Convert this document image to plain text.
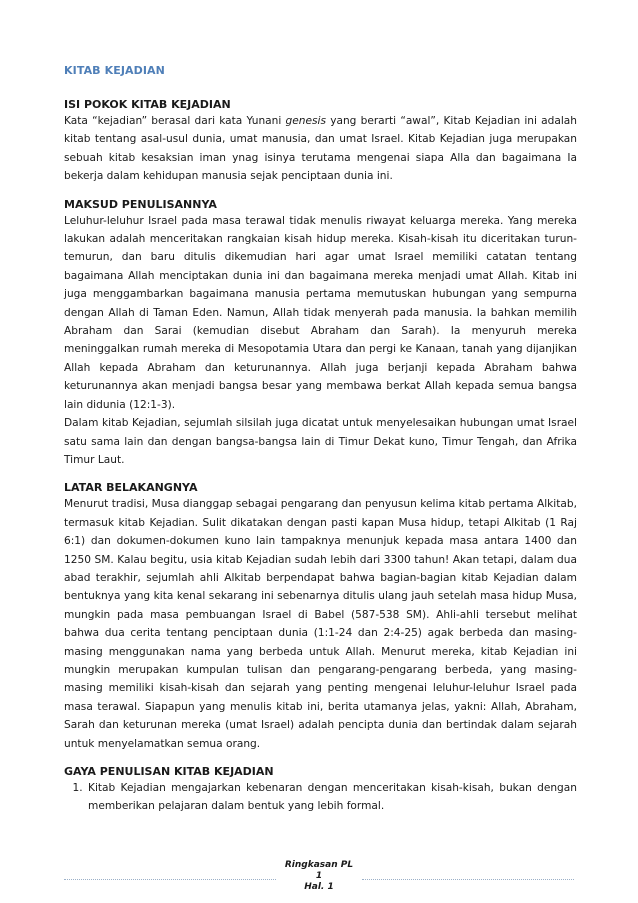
KITAB KEJADIAN
ISI POKOK KITAB KEJADIAN

Kata “kejadian” berasal dari kata Yunani genesis yang berarti “awal”, Kitab Kejadian ini adalah kitab tentang asal-usul dunia, umat manusia, dan umat Israel. Kitab Kejadian juga merupakan sebuah kitab kesaksian iman ynag isinya terutama mengenai siapa Alla dan bagaimana Ia bekerja dalam kehidupan manusia sejak penciptaan dunia ini.

MAKSUD PENULISANNYA

Leluhur-leluhur Israel pada masa terawal tidak menulis riwayat keluarga mereka. Yang mereka lakukan adalah menceritakan rangkaian kisah hidup mereka. Kisah-kisah itu diceritakan turun-temurun, dan baru ditulis dikemudian hari agar umat Israel memiliki catatan tentang bagaimana Allah menciptakan dunia ini dan bagaimana mereka menjadi umat Allah. Kitab ini juga menggambarkan bagaimana manusia pertama memutuskan hubungan yang sempurna dengan Allah di Taman Eden. Namun, Allah tidak menyerah pada manusia. Ia bahkan memilih Abraham dan Sarai (kemudian disebut Abraham dan Sarah). Ia menyuruh mereka meninggalkan rumah mereka di Mesopotamia Utara dan pergi ke Kanaan, tanah yang dijanjikan Allah kepada Abraham dan keturunannya. Allah juga berjanji kepada Abraham bahwa keturunannya akan menjadi bangsa besar yang membawa berkat Allah kepada semua bangsa lain didunia (12:1-3).

Dalam kitab Kejadian, sejumlah silsilah juga dicatat untuk menyelesaikan hubungan umat Israel satu sama lain dan dengan bangsa-bangsa lain di Timur Dekat kuno, Timur Tengah, dan Afrika Timur Laut.

LATAR BELAKANGNYA

Menurut tradisi, Musa dianggap sebagai pengarang dan penyusun kelima kitab pertama Alkitab, termasuk kitab Kejadian. Sulit dikatakan dengan pasti kapan Musa hidup, tetapi Alkitab (1 Raj 6:1) dan dokumen-dokumen kuno lain tampaknya menunjuk kepada masa antara 1400 dan 1250 SM. Kalau begitu, usia kitab Kejadian sudah lebih dari 3300 tahun! Akan tetapi, dalam dua abad terakhir, sejumlah ahli Alkitab berpendapat bahwa bagian-bagian kitab Kejadian dalam bentuknya yang kita kenal sekarang ini sebenarnya ditulis ulang jauh setelah masa hidup Musa, mungkin pada masa pembuangan Israel di Babel (587-538 SM). Ahli-ahli tersebut melihat bahwa dua cerita tentang penciptaan dunia (1:1-24 dan 2:4-25) agak berbeda dan masing-masing menggunakan nama yang berbeda untuk Allah. Menurut mereka, kitab Kejadian ini mungkin merupakan kumpulan tulisan dan pengarang-pengarang berbeda, yang masing-masing memiliki kisah-kisah dan sejarah yang penting mengenai leluhur-leluhur Israel pada masa terawal. Siapapun yang menulis kitab ini, berita utamanya jelas, yakni: Allah, Abraham, Sarah dan keturunan mereka (umat Israel) adalah pencipta dunia dan bertindak dalam sejarah untuk menyelamatkan semua orang.

GAYA PENULISAN KITAB KEJADIAN
1. Kitab Kejadian mengajarkan kebenaran dengan menceritakan kisah-kisah, bukan dengan memberikan pelajaran dalam bentuk yang lebih formal.
Ringkasan PL
1
Hal. 1
